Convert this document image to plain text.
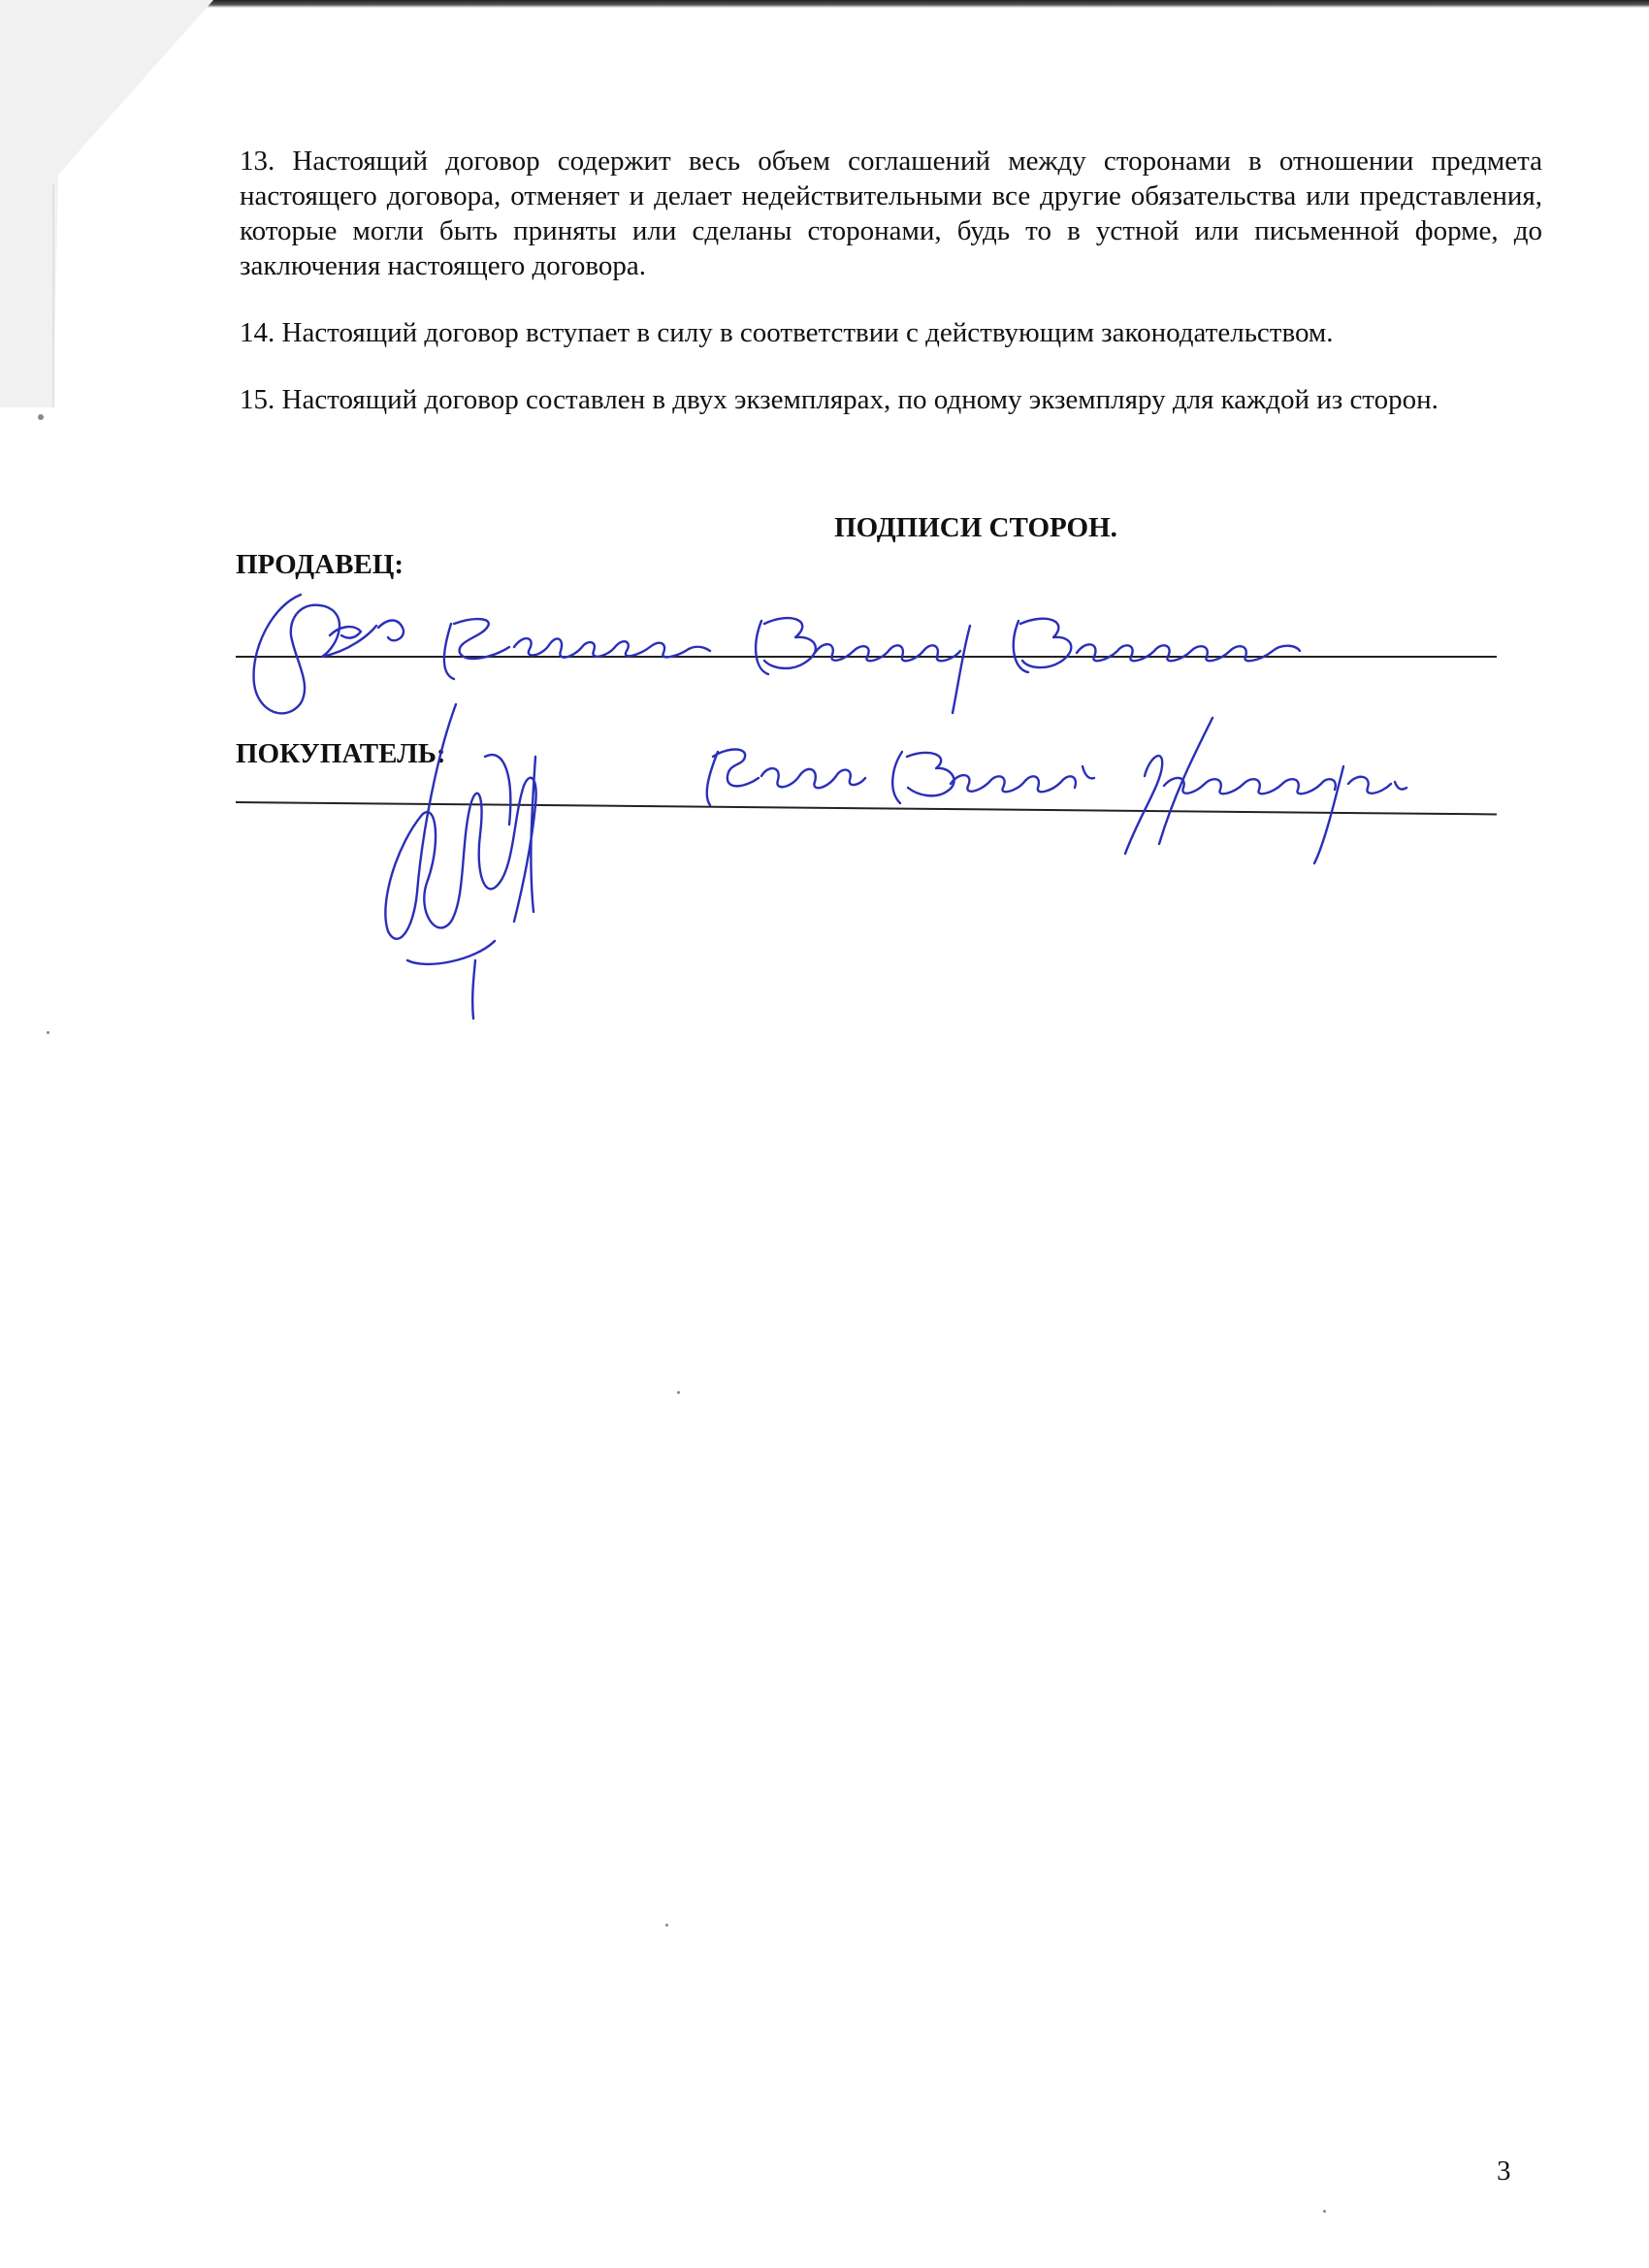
13. Настоящий договор содержит весь объем соглашений между сторонами в отношении предмета настоящего договора, отменяет и делает недействительными все другие обязательства или представления, которые могли быть приняты или сделаны сторонами, будь то в устной или письменной форме, до заключения настоящего договора.

14. Настоящий договор вступает в силу в соответствии с действующим законодательством.

15. Настоящий договор составлен в двух экземплярах, по одному экземпляру для каждой из сторон.

ПОДПИСИ СТОРОН.
ПРОДАВЕЦ:
ПОКУПАТЕЛЬ:
3
